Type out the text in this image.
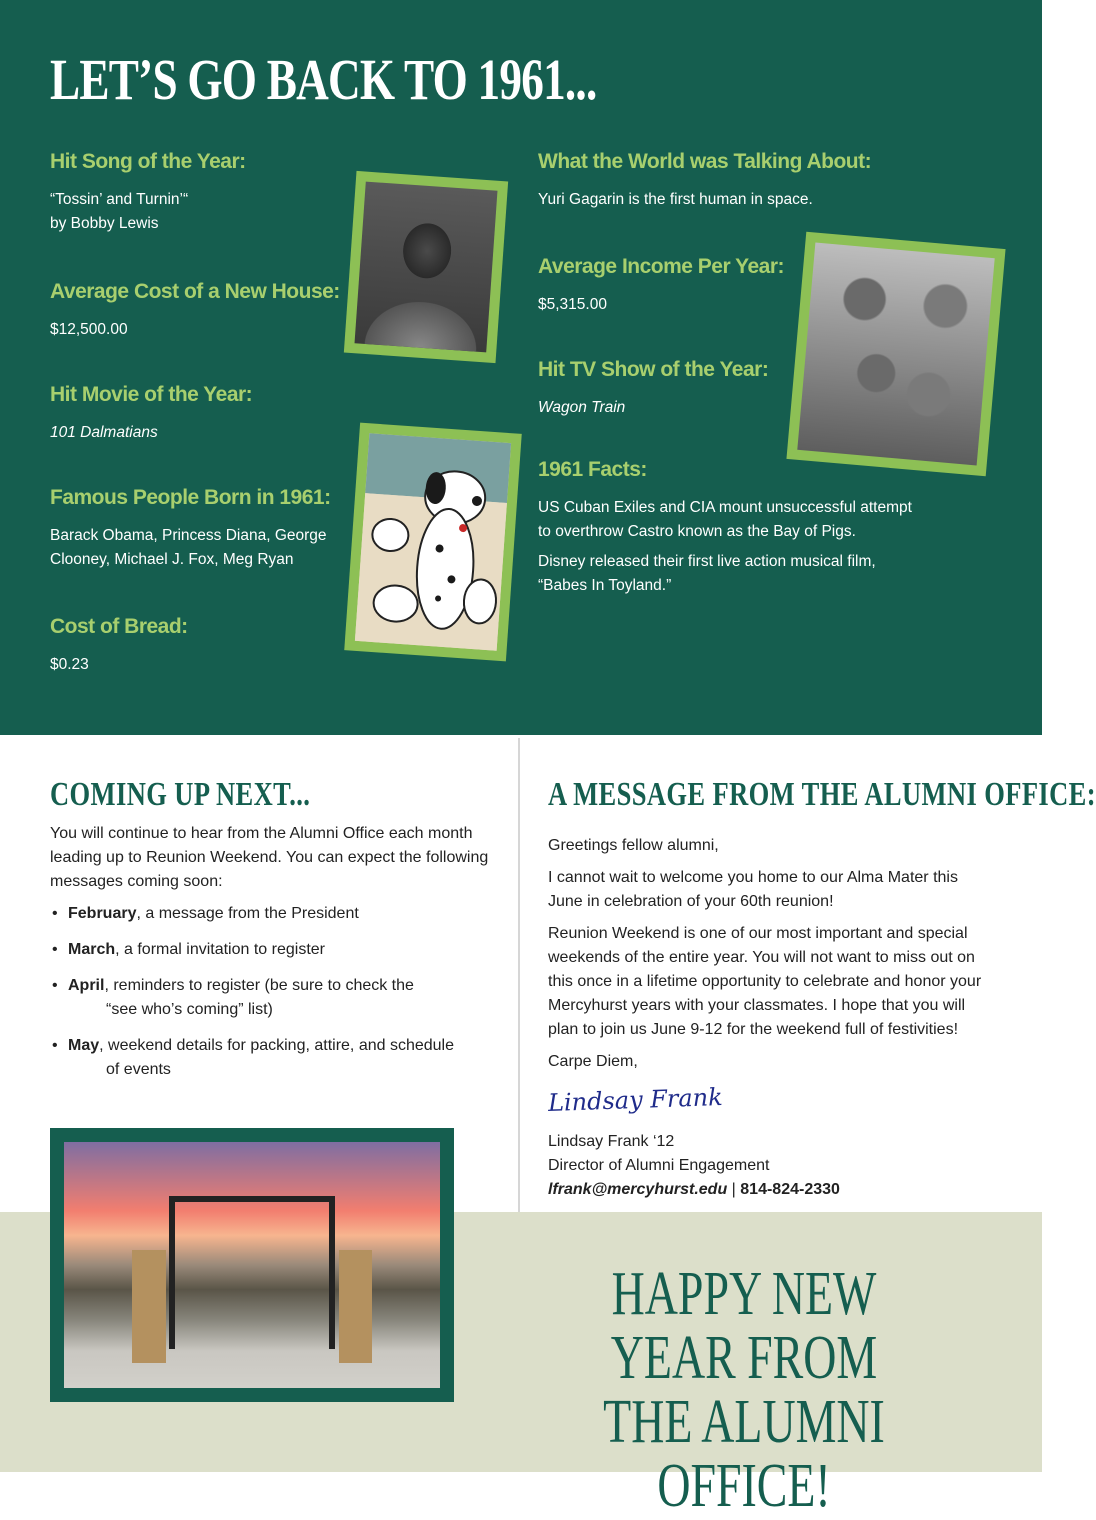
LET’S GO BACK TO 1961...
Hit Song of the Year:
“Tossin’ and Turnin’“
by Bobby Lewis
Average Cost of a New House:
$12,500.00
Hit Movie of the Year:
101 Dalmatians
Famous People Born in 1961:
Barack Obama, Princess Diana, George
Clooney, Michael J. Fox, Meg Ryan
Cost of Bread:
$0.23
What the World was Talking About:
Yuri Gagarin is the first human in space.
Average Income Per Year:
$5,315.00
Hit TV Show of the Year:
Wagon Train
1961 Facts:

US Cuban Exiles and CIA mount unsuccessful attempt
to overthrow Castro known as the Bay of Pigs.

Disney released their first live action musical film,
“Babes In Toyland.”

COMING UP NEXT...

You will continue to hear from the Alumni Office each month leading up to Reunion Weekend. You can expect the following messages coming soon:

• February, a message from the President
• March, a formal invitation to register
• April, reminders to register (be sure to check the
“see who’s coming” list)
• May, weekend details for packing, attire, and schedule
of events
A MESSAGE FROM THE ALUMNI OFFICE:

Greetings fellow alumni,

I cannot wait to welcome you home to our Alma Mater this June in celebration of your 60th reunion!

Reunion Weekend is one of our most important and special weekends of the entire year. You will not want to miss out on this once in a lifetime opportunity to celebrate and honor your Mercyhurst years with your classmates. I hope that you will plan to join us June 9-12 for the weekend full of festivities!

Carpe Diem,

Lindsay Frank
Lindsay Frank ‘12
Director of Alumni Engagement
lfrank@mercyhurst.edu | 814-824-2330
HAPPY NEW YEAR FROM
THE ALUMNI OFFICE!
